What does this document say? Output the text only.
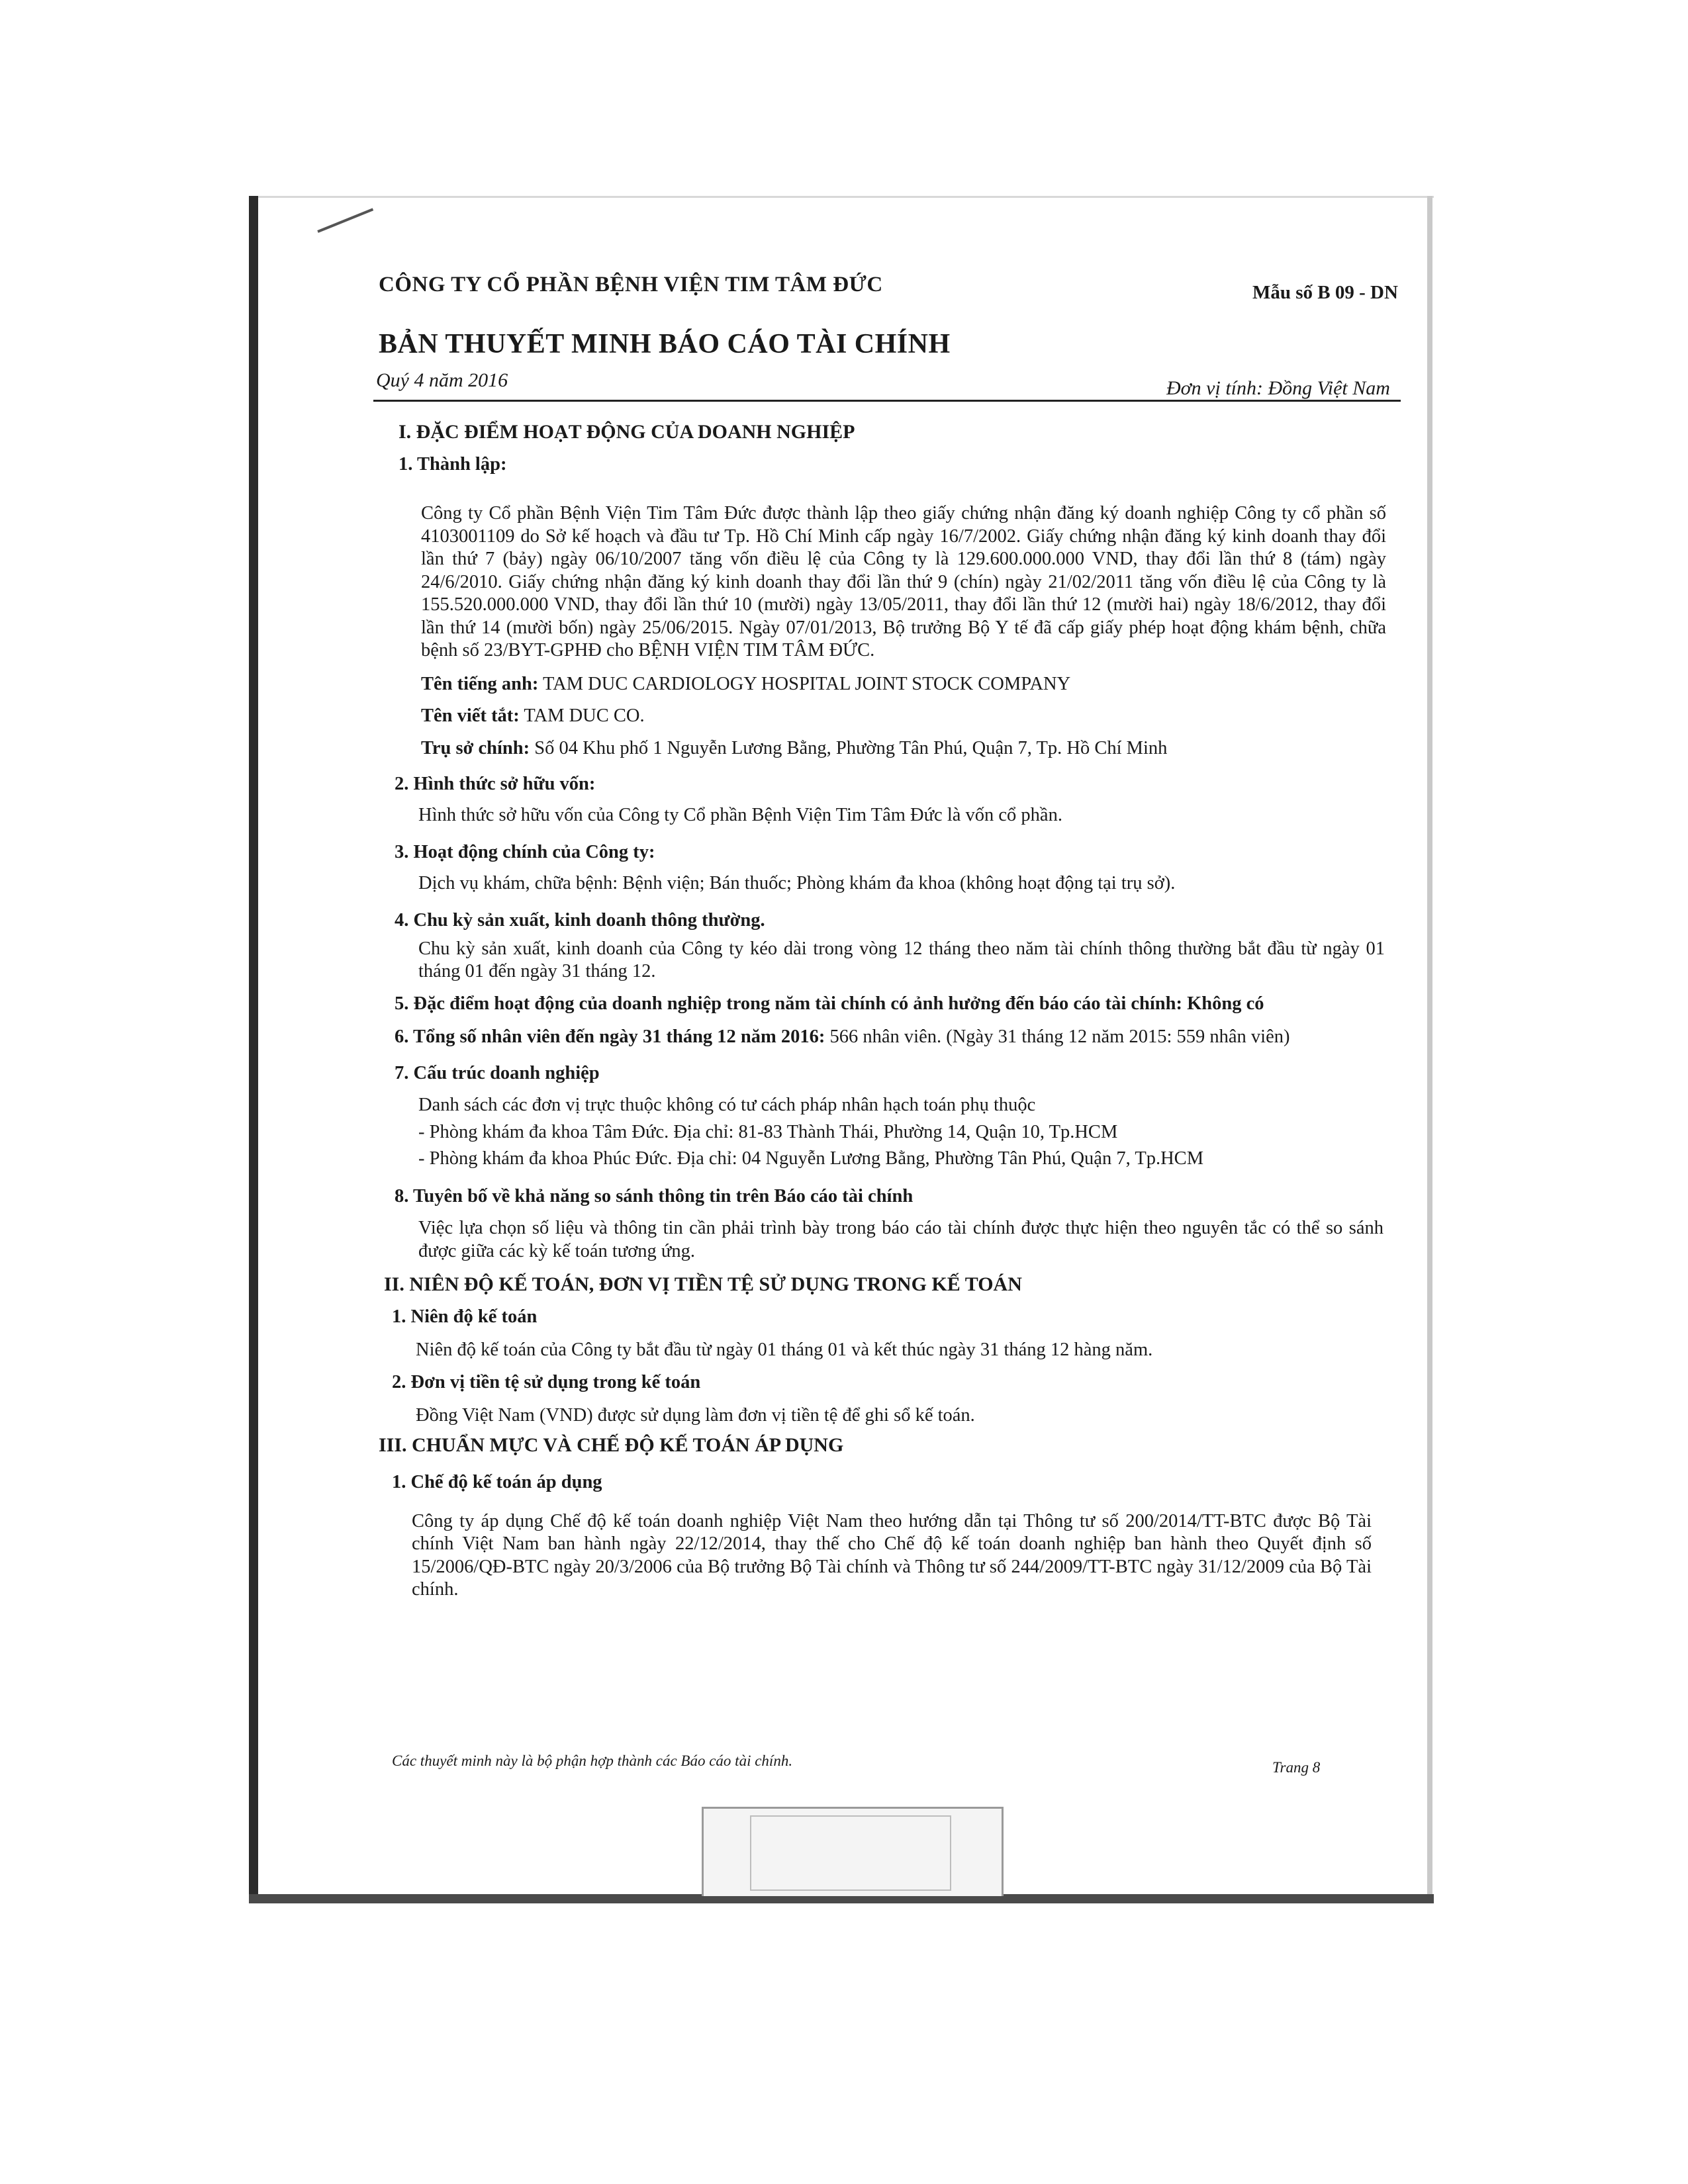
CÔNG TY CỔ PHẦN BỆNH VIỆN TIM TÂM ĐỨC	Mẫu số B 09 - DN
BẢN THUYẾT MINH BÁO CÁO TÀI CHÍNH
Quý 4 năm 2016	Đơn vị tính: Đồng Việt Nam

I. ĐẶC ĐIỂM HOẠT ĐỘNG CỦA DOANH NGHIỆP

1. Thành lập:

Công ty Cổ phần Bệnh Viện Tim Tâm Đức được thành lập theo giấy chứng nhận đăng ký doanh nghiệp Công ty cổ phần số 4103001109 do Sở kế hoạch và đầu tư Tp. Hồ Chí Minh cấp ngày 16/7/2002. Giấy chứng nhận đăng ký kinh doanh thay đổi lần thứ 7 (bảy) ngày 06/10/2007 tăng vốn điều lệ của Công ty là 129.600.000.000 VND, thay đổi lần thứ 8 (tám) ngày 24/6/2010. Giấy chứng nhận đăng ký kinh doanh thay đổi lần thứ 9 (chín) ngày 21/02/2011 tăng vốn điều lệ của Công ty là 155.520.000.000 VND, thay đổi lần thứ 10 (mười) ngày 13/05/2011, thay đổi lần thứ 12 (mười hai) ngày 18/6/2012, thay đổi lần thứ 14 (mười bốn) ngày 25/06/2015. Ngày 07/01/2013, Bộ trưởng Bộ Y tế đã cấp giấy phép hoạt động khám bệnh, chữa bệnh số 23/BYT-GPHĐ cho BỆNH VIỆN TIM TÂM ĐỨC.

Tên tiếng anh: TAM DUC CARDIOLOGY HOSPITAL JOINT STOCK COMPANY

Tên viết tắt: TAM DUC CO.

Trụ sở chính: Số 04 Khu phố 1 Nguyễn Lương Bằng, Phường Tân Phú, Quận 7, Tp. Hồ Chí Minh

2. Hình thức sở hữu vốn:

Hình thức sở hữu vốn của Công ty Cổ phần Bệnh Viện Tim Tâm Đức là vốn cổ phần.

3. Hoạt động chính của Công ty:

Dịch vụ khám, chữa bệnh: Bệnh viện; Bán thuốc; Phòng khám đa khoa (không hoạt động tại trụ sở).

4. Chu kỳ sản xuất, kinh doanh thông thường.

Chu kỳ sản xuất, kinh doanh của Công ty kéo dài trong vòng 12 tháng theo năm tài chính thông thường bắt đầu từ ngày 01 tháng 01 đến ngày 31 tháng 12.

5. Đặc điểm hoạt động của doanh nghiệp trong năm tài chính có ảnh hưởng đến báo cáo tài chính: Không có

6. Tổng số nhân viên đến ngày 31 tháng 12 năm 2016: 566 nhân viên. (Ngày 31 tháng 12 năm 2015: 559 nhân viên)

7. Cấu trúc doanh nghiệp

Danh sách các đơn vị trực thuộc không có tư cách pháp nhân hạch toán phụ thuộc

- Phòng khám đa khoa Tâm Đức. Địa chỉ: 81-83 Thành Thái, Phường 14, Quận 10, Tp.HCM

- Phòng khám đa khoa Phúc Đức. Địa chỉ: 04 Nguyễn Lương Bằng, Phường Tân Phú, Quận 7, Tp.HCM

8. Tuyên bố về khả năng so sánh thông tin trên Báo cáo tài chính

Việc lựa chọn số liệu và thông tin cần phải trình bày trong báo cáo tài chính được thực hiện theo nguyên tắc có thể so sánh được giữa các kỳ kế toán tương ứng.

II. NIÊN ĐỘ KẾ TOÁN, ĐƠN VỊ TIỀN TỆ SỬ DỤNG TRONG KẾ TOÁN

1. Niên độ kế toán

Niên độ kế toán của Công ty bắt đầu từ ngày 01 tháng 01 và kết thúc ngày 31 tháng 12 hàng năm.

2. Đơn vị tiền tệ sử dụng trong kế toán

Đồng Việt Nam (VND) được sử dụng làm đơn vị tiền tệ để ghi sổ kế toán.

III. CHUẨN MỰC VÀ CHẾ ĐỘ KẾ TOÁN ÁP DỤNG

1. Chế độ kế toán áp dụng

Công ty áp dụng Chế độ kế toán doanh nghiệp Việt Nam theo hướng dẫn tại Thông tư số 200/2014/TT-BTC được Bộ Tài chính Việt Nam ban hành ngày 22/12/2014, thay thế cho Chế độ kế toán doanh nghiệp ban hành theo Quyết định số 15/2006/QĐ-BTC ngày 20/3/2006 của Bộ trưởng Bộ Tài chính và Thông tư số 244/2009/TT-BTC ngày 31/12/2009 của Bộ Tài chính.

Các thuyết minh này là bộ phận hợp thành các Báo cáo tài chính.	Trang 8
